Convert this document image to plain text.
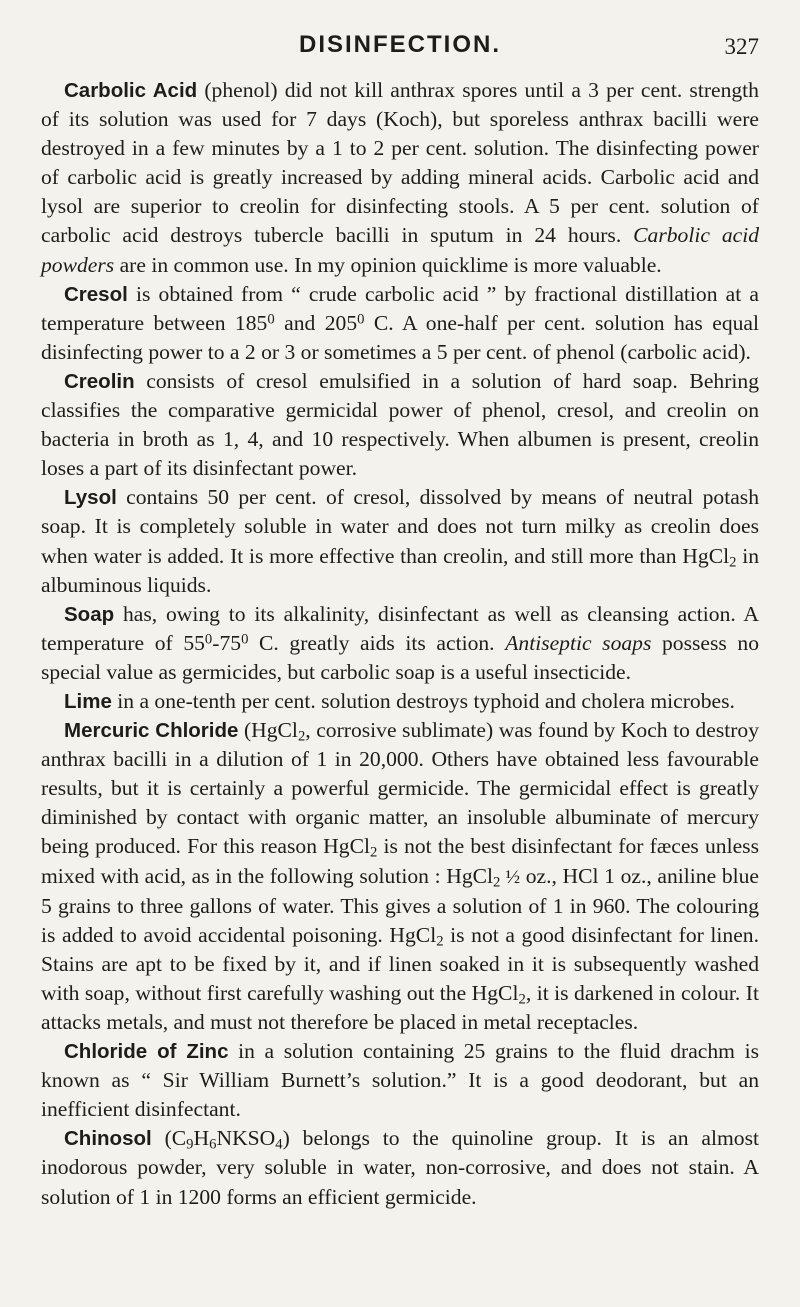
DISINFECTION.	327

Carbolic Acid (phenol) did not kill anthrax spores until a 3 per cent. strength of its solution was used for 7 days (Koch), but sporeless anthrax bacilli were destroyed in a few minutes by a 1 to 2 per cent. solution. The disinfecting power of carbolic acid is greatly increased by adding mineral acids. Carbolic acid and lysol are superior to creolin for disinfecting stools. A 5 per cent. solution of carbolic acid destroys tubercle bacilli in sputum in 24 hours. Carbolic acid powders are in common use. In my opinion quicklime is more valuable.

Cresol is obtained from “ crude carbolic acid ” by fractional distillation at a temperature between $185^0$ and $205^0$ C. A one-half per cent. solution has equal disinfecting power to a 2 or 3 or sometimes a 5 per cent. of phenol (carbolic acid).

Creolin consists of cresol emulsified in a solution of hard soap. Behring classifies the comparative germicidal power of phenol, cresol, and creolin on bacteria in broth as 1, 4, and 10 respectively. When albumen is present, creolin loses a part of its disinfectant power.

Lysol contains 50 per cent. of cresol, dissolved by means of neutral potash soap. It is completely soluble in water and does not turn milky as creolin does when water is added. It is more effective than creolin, and still more than HgCl$_2$ in albuminous liquids.

Soap has, owing to its alkalinity, disinfectant as well as cleansing action. A temperature of $55^0-75^0$ C. greatly aids its action. Antiseptic soaps possess no special value as germicides, but carbolic soap is a useful insecticide.

Lime in a one-tenth per cent. solution destroys typhoid and cholera microbes.

Mercuric Chloride (HgCl$_2$, corrosive sublimate) was found by Koch to destroy anthrax bacilli in a dilution of 1 in 20,000. Others have obtained less favourable results, but it is certainly a powerful germicide. The germicidal effect is greatly diminished by contact with organic matter, an insoluble albuminate of mercury being produced. For this reason HgCl$_2$ is not the best disinfectant for fæces unless mixed with acid, as in the following solution : HgCl$_2$ ½ oz., HCl 1 oz., aniline blue 5 grains to three gallons of water. This gives a solution of 1 in 960. The colouring is added to avoid accidental poisoning. HgCl$_2$ is not a good disinfectant for linen. Stains are apt to be fixed by it, and if linen soaked in it is subsequently washed with soap, without first carefully washing out the HgCl$_2$, it is darkened in colour. It attacks metals, and must not therefore be placed in metal receptacles.

Chloride of Zinc in a solution containing 25 grains to the fluid drachm is known as “ Sir William Burnett’s solution.” It is a good deodorant, but an inefficient disinfectant.

Chinosol $(C_9H_6NKSO_4)$ belongs to the quinoline group. It is an almost inodorous powder, very soluble in water, non-corrosive, and does not stain. A solution of 1 in 1200 forms an efficient germicide.
